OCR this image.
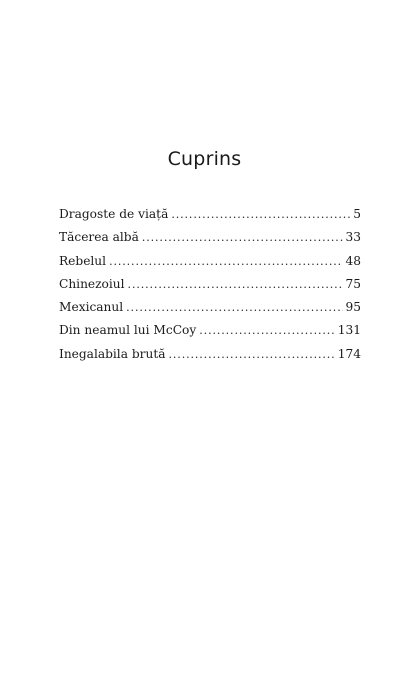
Cuprins
Dragoste de viață .....	5
Tăcerea albă .....	33
Rebelul .....	48
Chinezoiul .....	75
Mexicanul .....	95
Din neamul lui McCoy .....	131
Inegalabila brută .....	174
